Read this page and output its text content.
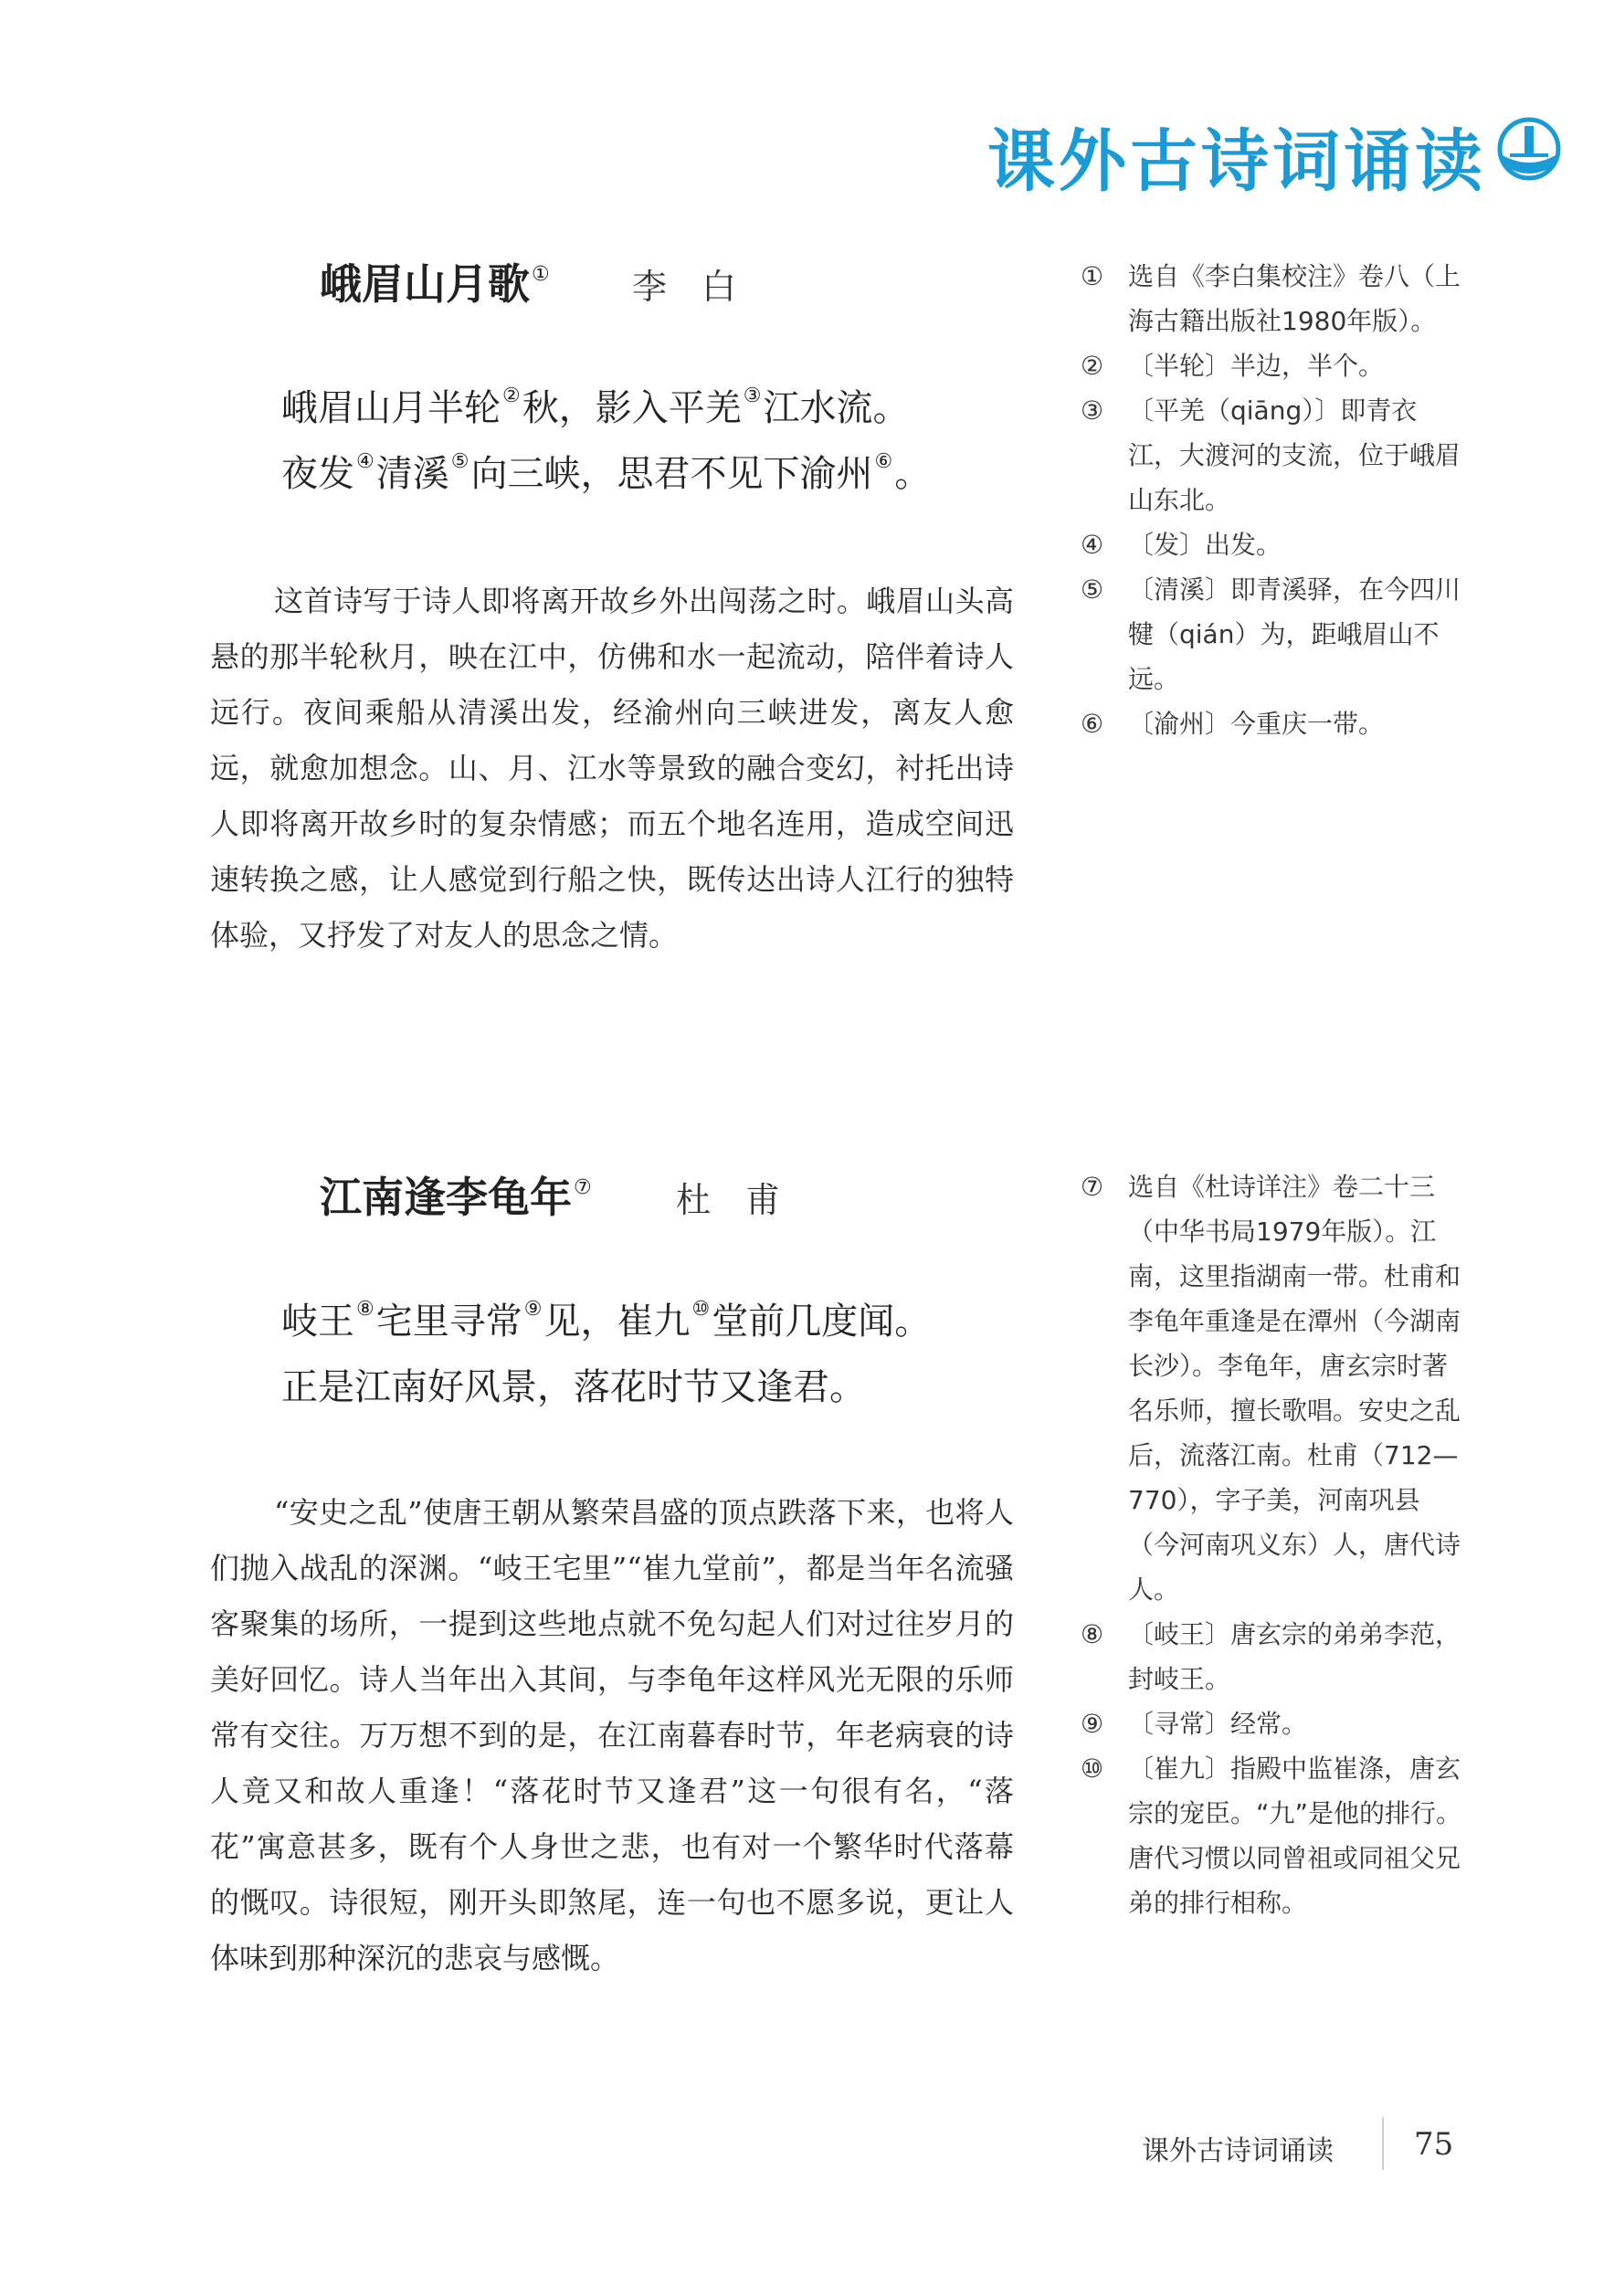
课外古诗词诵读
峨眉山月歌① 李白
峨眉山月半轮②秋，影入平羌③江水流。
夜发④清溪⑤向三峡，思君不见下渝州⑥。

这首诗写于诗人即将离开故乡外出闯荡之时。峨眉山头高悬的那半轮秋月，映在江中，仿佛和水一起流动，陪伴着诗人远行。夜间乘船从清溪出发，经渝州向三峡进发，离友人愈远，就愈加想念。山、月、江水等景致的融合变幻，衬托出诗人即将离开故乡时的复杂情感；而五个地名连用，造成空间迅速转换之感，让人感觉到行船之快，既传达出诗人江行的独特体验，又抒发了对友人的思念之情。

① 选自《李白集校注》卷八（上海古籍出版社1980年版）。
② 〔半轮〕半边，半个。
③ 〔平羌（qiāng）〕即青衣江，大渡河的支流，位于峨眉山东北。
④ 〔发〕出发。
⑤ 〔清溪〕即青溪驿，在今四川犍（qián）为，距峨眉山不远。
⑥ 〔渝州〕今重庆一带。
江南逢李龟年⑦ 杜甫
岐王⑧宅里寻常⑨见，崔九⑩堂前几度闻。
正是江南好风景，落花时节又逢君。

“安史之乱”使唐王朝从繁荣昌盛的顶点跌落下来，也将人们抛入战乱的深渊。“岐王宅里”“崔九堂前”，都是当年名流骚客聚集的场所，一提到这些地点就不免勾起人们对过往岁月的美好回忆。诗人当年出入其间，与李龟年这样风光无限的乐师常有交往。万万想不到的是，在江南暮春时节，年老病衰的诗人竟又和故人重逢！“落花时节又逢君”这一句很有名，“落花”寓意甚多，既有个人身世之悲，也有对一个繁华时代落幕的慨叹。诗很短，刚开头即煞尾，连一句也不愿多说，更让人体味到那种深沉的悲哀与感慨。

⑦ 选自《杜诗详注》卷二十三（中华书局1979年版）。江南，这里指湖南一带。杜甫和李龟年重逢是在潭州（今湖南长沙）。李龟年，唐玄宗时著名乐师，擅长歌唱。安史之乱后，流落江南。杜甫（712—770），字子美，河南巩县（今河南巩义东）人，唐代诗人。
⑧ 〔岐王〕唐玄宗的弟弟李范，封岐王。
⑨ 〔寻常〕经常。
⑩ 〔崔九〕指殿中监崔涤，唐玄宗的宠臣。“九”是他的排行。唐代习惯以同曾祖或同祖父兄弟的排行相称。
课外古诗词诵读	75
